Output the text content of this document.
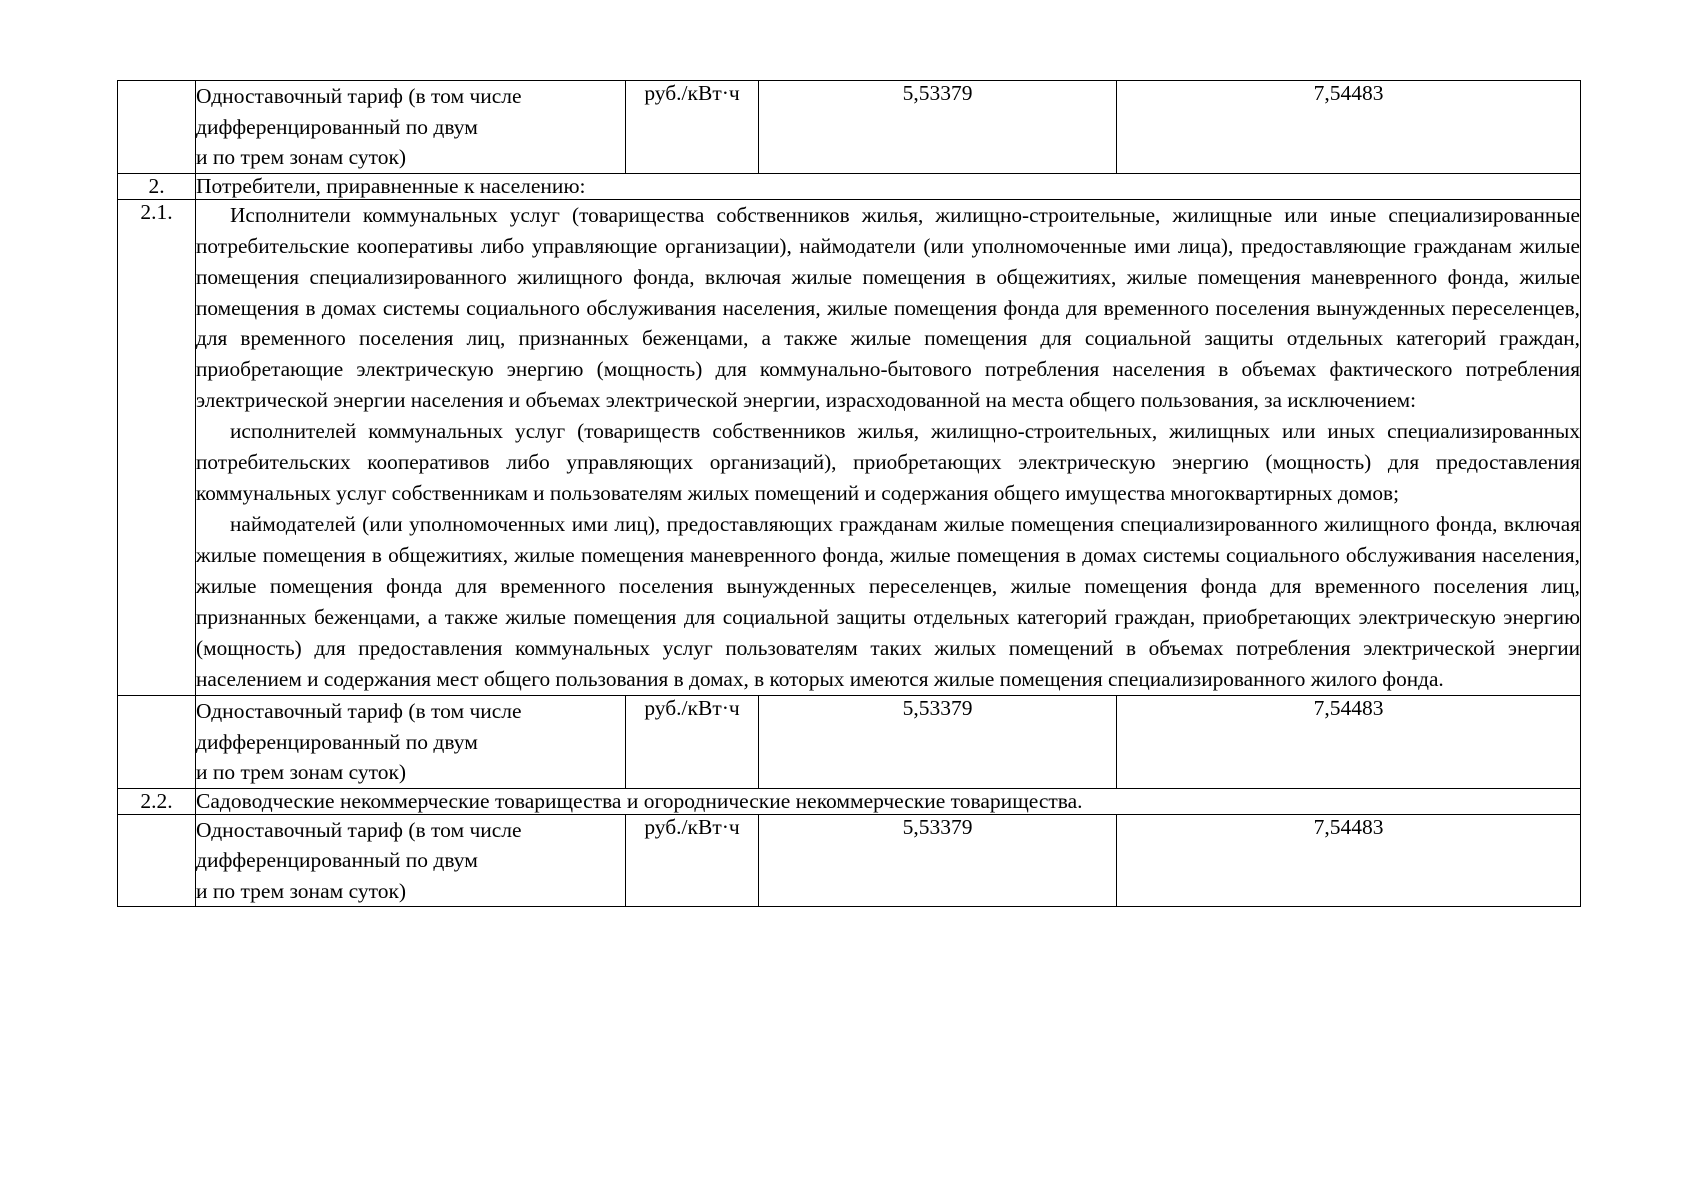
	Одноставочный тариф (в том числе
дифференцированный по двум
и по трем зонам суток)	руб./кВт·ч	5,53379	7,54483
2.	Потребители, приравненные к населению:			
2.1.	Исполнители коммунальных услуг (товарищества собственников жилья, жилищно-строительные, жилищные или иные специализированные потребительские кооперативы либо управляющие организации), наймодатели (или уполномоченные ими лица), предоставляющие гражданам жилые помещения специализированного жилищного фонда, включая жилые помещения в общежитиях, жилые помещения маневренного фонда, жилые помещения в домах системы социального обслуживания населения, жилые помещения фонда для временного поселения вынужденных переселенцев, для временного поселения лиц, признанных беженцами, а также жилые помещения для социальной защиты отдельных категорий граждан, приобретающие электрическую энергию (мощность) для коммунально-бытового потребления населения в объемах фактического потребления электрической энергии населения и объемах электрической энергии, израсходованной на места общего пользования, за исключением:

исполнителей коммунальных услуг (товариществ собственников жилья, жилищно-строительных, жилищных или иных специализированных потребительских кооперативов либо управляющих организаций), приобретающих электрическую энергию (мощность) для предоставления коммунальных услуг собственникам и пользователям жилых помещений и содержания общего имущества многоквартирных домов;

наймодателей (или уполномоченных ими лиц), предоставляющих гражданам жилые помещения специализированного жилищного фонда, включая жилые помещения в общежитиях, жилые помещения маневренного фонда, жилые помещения в домах системы социального обслуживания населения, жилые помещения фонда для временного поселения вынужденных переселенцев, жилые помещения фонда для временного поселения лиц, признанных беженцами, а также жилые помещения для социальной защиты отдельных категорий граждан, приобретающих электрическую энергию (мощность) для предоставления коммунальных услуг пользователям таких жилых помещений в объемах потребления электрической энергии населением и содержания мест общего пользования в домах, в которых имеются жилые помещения специализированного жилого фонда.			

	Одноставочный тариф (в том числе
дифференцированный по двум
и по трем зонам суток)	руб./кВт·ч	5,53379	7,54483
2.2.	Садоводческие некоммерческие товарищества и огороднические некоммерческие товарищества.			

	Одноставочный тариф (в том числе
дифференцированный по двум
и по трем зонам суток)	руб./кВт·ч	5,53379	7,54483
